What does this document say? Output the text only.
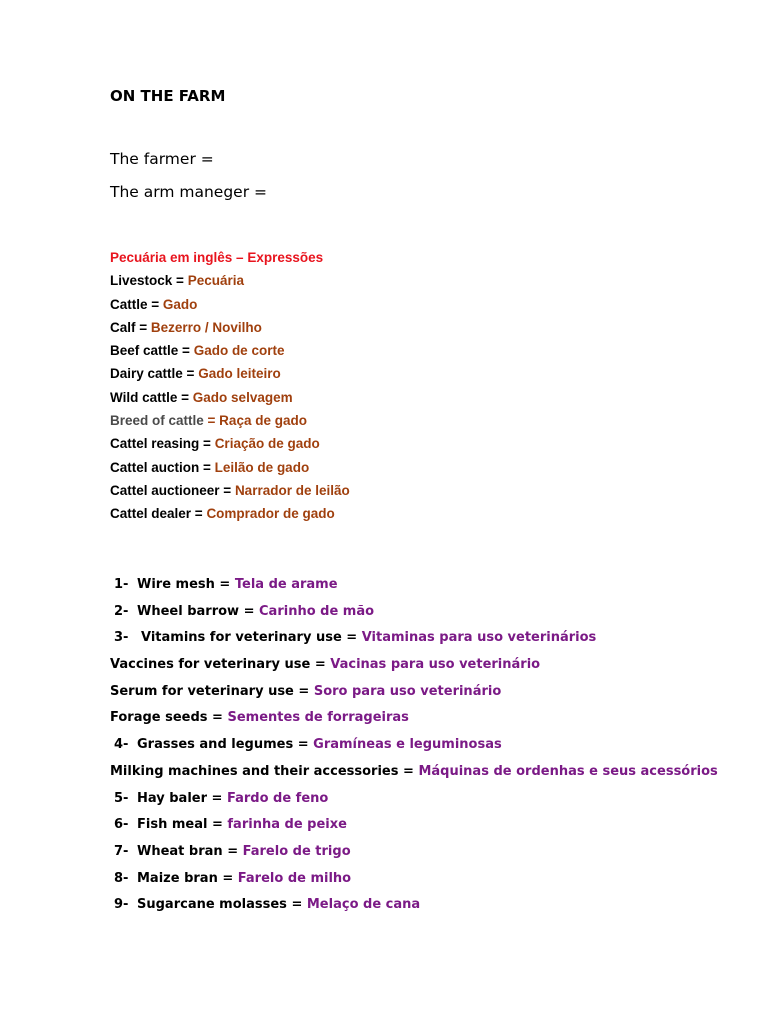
ON THE FARM

The farmer =

The arm maneger =

Pecuária em inglês – Expressões
Livestock = Pecuária
Cattle = Gado
Calf = Bezerro / Novilho
Beef cattle = Gado de corte
Dairy cattle = Gado leiteiro
Wild cattle = Gado selvagem
Breed of cattle = Raça de gado
Cattel reasing = Criação de gado
Cattel auction = Leilão de gado
Cattel auctioneer = Narrador de leilão
Cattel dealer = Comprador de gado
1- Wire mesh = Tela de arame
2- Wheel barrow = Carinho de mão
3- Vitamins for veterinary use = Vitaminas para uso veterinários
Vaccines for veterinary use = Vacinas para uso veterinário
Serum for veterinary use = Soro para uso veterinário
Forage seeds = Sementes de forrageiras
4- Grasses and legumes = Gramíneas e leguminosas
Milking machines and their accessories = Máquinas de ordenhas e seus acessórios
5- Hay baler = Fardo de feno
6- Fish meal = farinha de peixe
7- Wheat bran = Farelo de trigo
8- Maize bran = Farelo de milho
9- Sugarcane molasses = Melaço de cana
